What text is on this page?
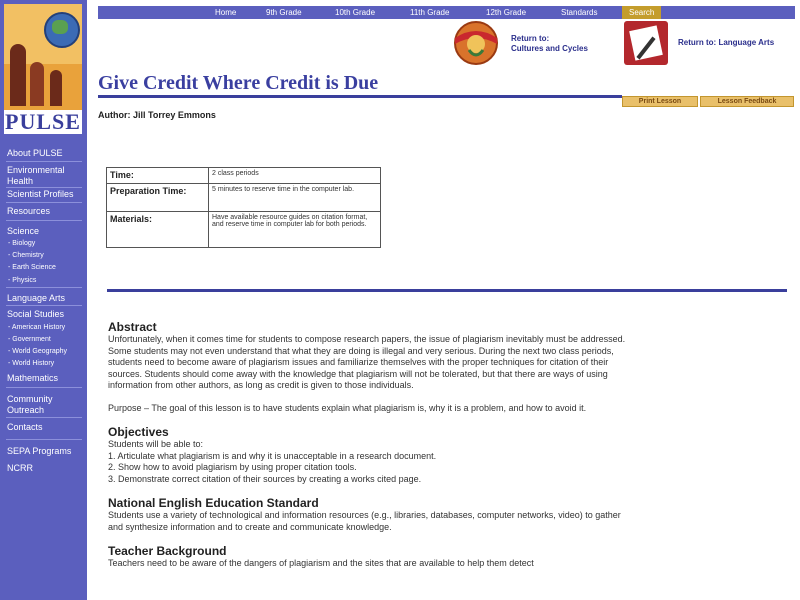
PULSE
About PULSE
Environmental
Health
Scientist Profiles
Resources
Science
- Biology
- Chemistry
- Earth Science
- Physics
Language Arts
Social Studies
- American History
- Government
- World Geography
- World History
Mathematics
Community
Outreach
Contacts
SEPA Programs
NCRR
Home	9th Grade	10th Grade	11th Grade	12th Grade	Standards	Search
Return to:
Cultures and Cycles
Return to: Language Arts
Give Credit Where Credit is Due
Print Lesson	Lesson Feedback
Author: Jill Torrey Emmons
Time:	2 class periods
Preparation Time:	5 minutes to reserve time in the computer lab.
Materials:	Have available resource guides on citation format, and reserve time in computer lab for both periods.
Abstract

Unfortunately, when it comes time for students to compose research papers, the issue of plagiarism inevitably must be addressed. Some students may not even understand that what they are doing is illegal and very serious. During the next two class periods, students need to become aware of plagiarism issues and familiarize themselves with the proper techniques for citation of their sources. Students should come away with the knowledge that plagiarism will not be tolerated, but that there are ways of using information from other authors, as long as credit is given to those individuals.

Purpose – The goal of this lesson is to have students explain what plagiarism is, why it is a problem, and how to avoid it.

Objectives

Students will be able to:

1. Articulate what plagiarism is and why it is unacceptable in a research document.

2. Show how to avoid plagiarism by using proper citation tools.

3. Demonstrate correct citation of their sources by creating a works cited page.

National English Education Standard

Students use a variety of technological and information resources (e.g., libraries, databases, computer networks, video) to gather and synthesize information and to create and communicate knowledge.

Teacher Background

Teachers need to be aware of the dangers of plagiarism and the sites that are available to help them detect
